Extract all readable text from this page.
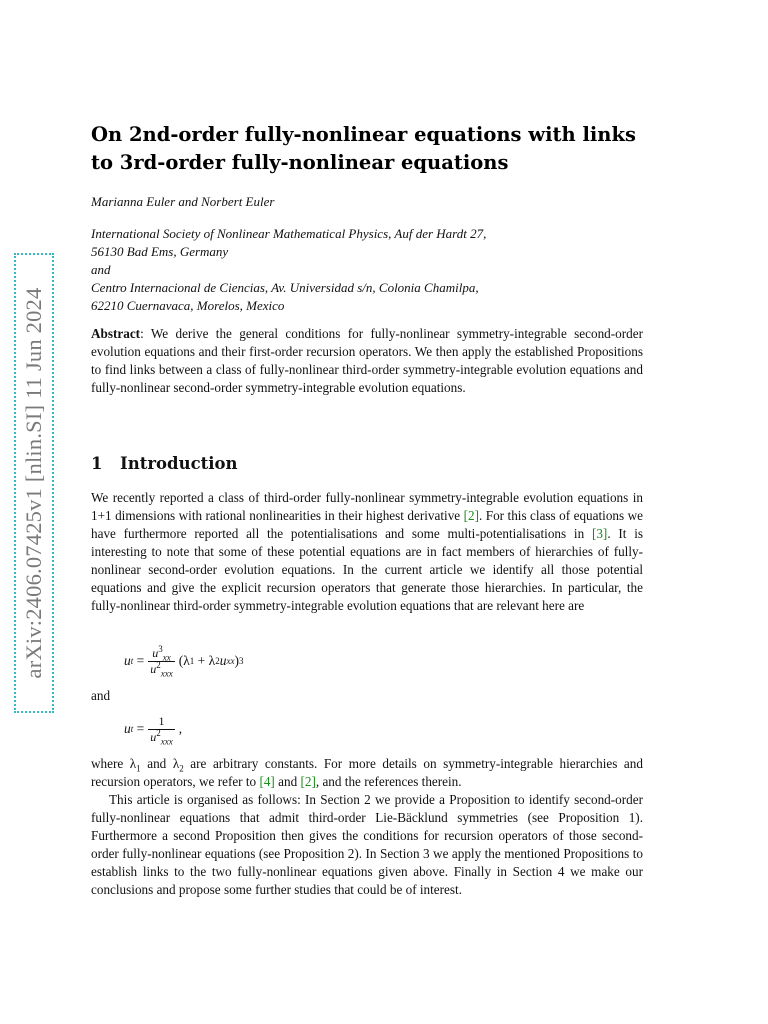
arXiv:2406.07425v1 [nlin.SI] 11 Jun 2024
On 2nd-order fully-nonlinear equations with links to 3rd-order fully-nonlinear equations
Marianna Euler and Norbert Euler
International Society of Nonlinear Mathematical Physics, Auf der Hardt 27,
56130 Bad Ems, Germany
and
Centro Internacional de Ciencias, Av. Universidad s/n, Colonia Chamilpa,
62210 Cuernavaca, Morelos, Mexico

Abstract: We derive the general conditions for fully-nonlinear symmetry-integrable second-order evolution equations and their first-order recursion operators. We then apply the established Propositions to find links between a class of fully-nonlinear third-order symmetry-integrable evolution equations and fully-nonlinear second-order symmetry-integrable evolution equations.

1 Introduction

We recently reported a class of third-order fully-nonlinear symmetry-integrable evolution equations in 1+1 dimensions with rational nonlinearities in their highest derivative [2]. For this class of equations we have furthermore reported all the potentialisations and some multi-potentialisations in [3]. It is interesting to note that some of these potential equations are in fact members of hierarchies of fully-nonlinear second-order evolution equations. In the current article we identify all those potential equations and give the explicit recursion operators that generate those hierarchies. In particular, the fully-nonlinear third-order symmetry-integrable evolution equations that are relevant here are

u $t = \frac{u^3_{xx}}{u^2_{xxx}} (\lambda$ 1 + λ 2 u xx ) 3

and

u $t = \frac{1}{u^2_{xxx}}$ ,

where $\lambda_1$ and $\lambda_2$ are arbitrary constants. For more details on symmetry-integrable hierarchies and recursion operators, we refer to [4] and [2], and the references therein.

This article is organised as follows: In Section 2 we provide a Proposition to identify second-order fully-nonlinear equations that admit third-order Lie-Bäcklund symmetries (see Proposition 1). Furthermore a second Proposition then gives the conditions for recursion operators of those second-order fully-nonlinear equations (see Proposition 2). In Section 3 we apply the mentioned Propositions to establish links to the two fully-nonlinear equations given above. Finally in Section 4 we make our conclusions and propose some further studies that could be of interest.
